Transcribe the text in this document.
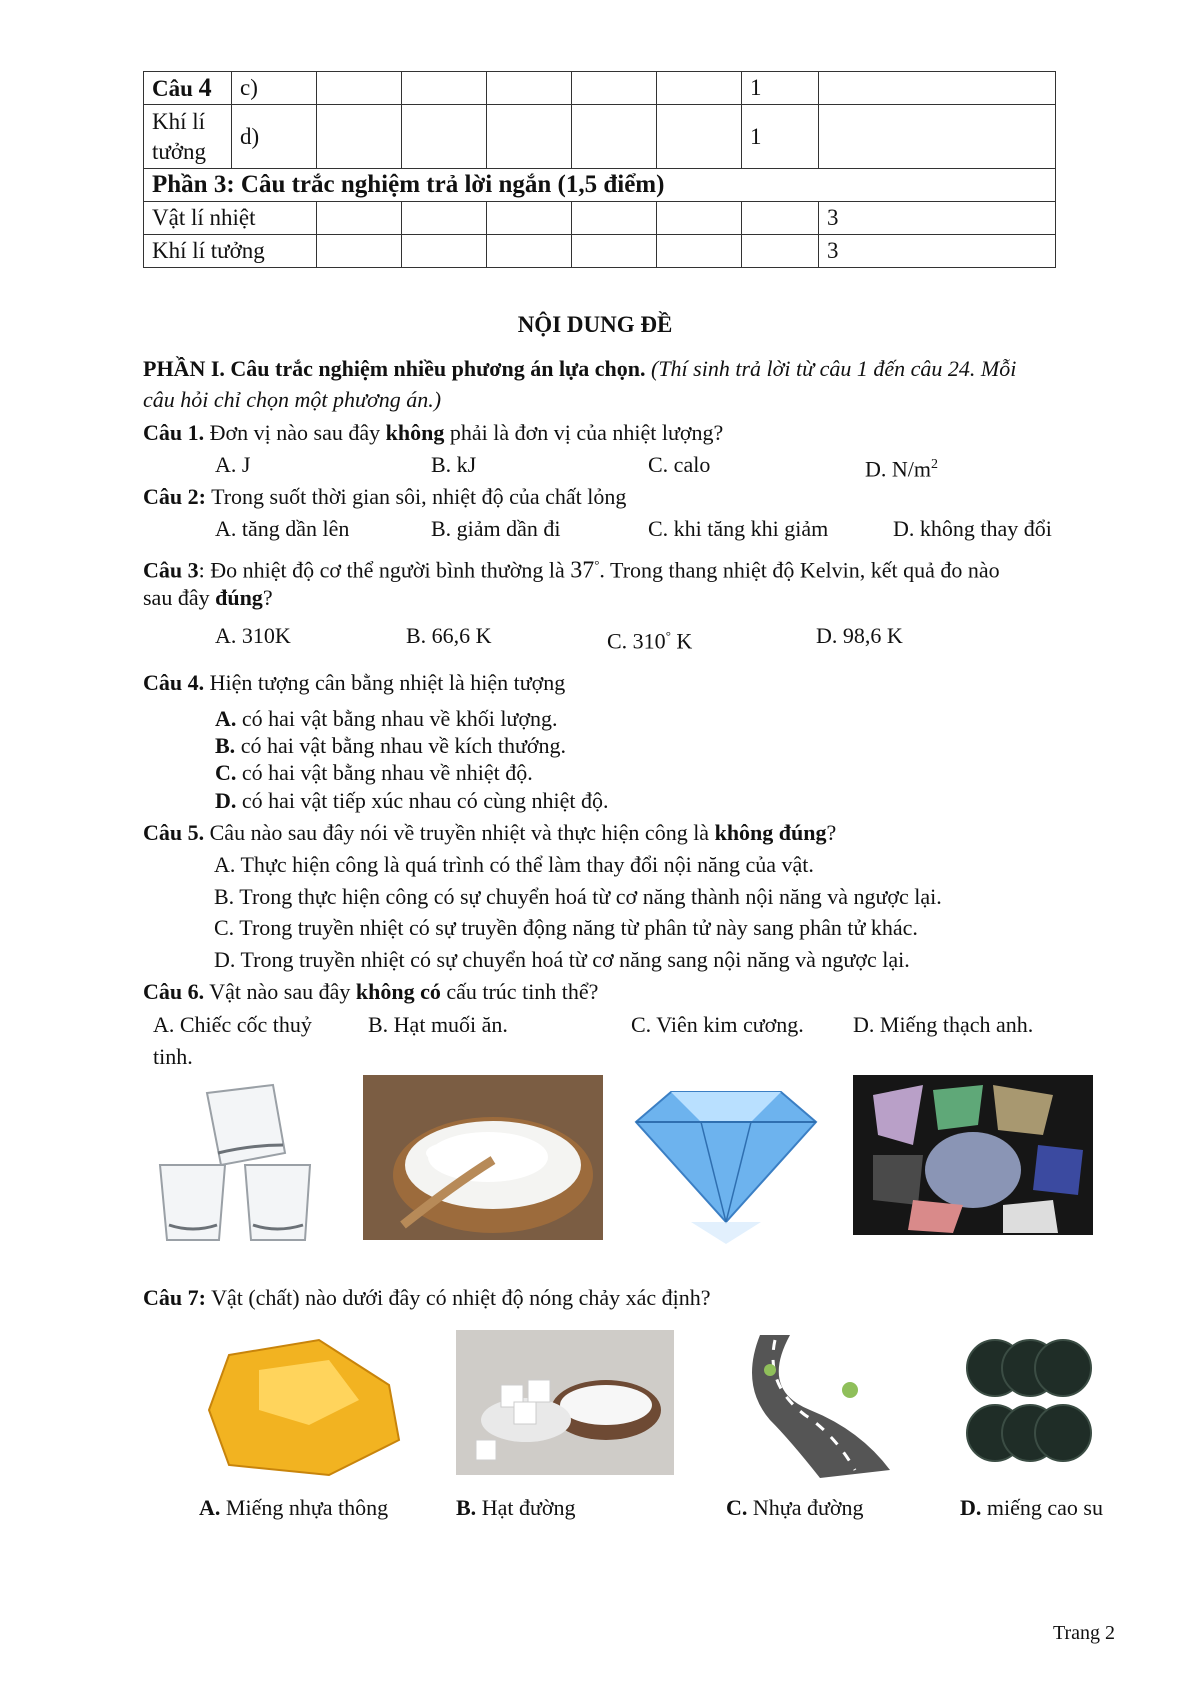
Câu 4	c)						1	
Khí lí tưởng	d)						1	
Phần 3: Câu trắc nghiệm trả lời ngắn (1,5 điểm)								
Vật lí nhiệt								3
Khí lí tưởng								3
NỘI DUNG ĐỀ
PHẦN I. Câu trắc nghiệm nhiều phương án lựa chọn. (Thí sinh trả lời từ câu 1 đến câu 24. Mỗi
câu hỏi chỉ chọn một phương án.)
Câu 1. Đơn vị nào sau đây không phải là đơn vị của nhiệt lượng?
A. J	B. kJ	C. calo	D. $N/m^2$
Câu 2: Trong suốt thời gian sôi, nhiệt độ của chất lỏng
A. tăng dần lên	B. giảm dần đi	C. khi tăng khi giảm	D. không thay đổi
Câu 3: Đo nhiệt độ cơ thể người bình thường là 37°. Trong thang nhiệt độ Kelvin, kết quả đo nào
sau đây đúng?
A. 310K	B. 66,6 K	C. 310° K	D. 98,6 K
Câu 4. Hiện tượng cân bằng nhiệt là hiện tượng
A. có hai vật bằng nhau về khối lượng.
B. có hai vật bằng nhau về kích thướng.
C. có hai vật bằng nhau về nhiệt độ.
D. có hai vật tiếp xúc nhau có cùng nhiệt độ.
Câu 5. Câu nào sau đây nói về truyền nhiệt và thực hiện công là không đúng?
A. Thực hiện công là quá trình có thể làm thay đổi nội năng của vật.
B. Trong thực hiện công có sự chuyển hoá từ cơ năng thành nội năng và ngược lại.
C. Trong truyền nhiệt có sự truyền động năng từ phân tử này sang phân tử khác.
D. Trong truyền nhiệt có sự chuyển hoá từ cơ năng sang nội năng và ngược lại.
Câu 6. Vật nào sau đây không có cấu trúc tinh thể?
A. Chiếc cốc thuỷ
tinh.
B. Hạt muối ăn.	C. Viên kim cương. D. Miếng thạch anh.
Câu 7: Vật (chất) nào dưới đây có nhiệt độ nóng chảy xác định?
A. Miếng nhựa thông	B. Hạt đường	C. Nhựa đường	D. miếng cao su
Trang 2
